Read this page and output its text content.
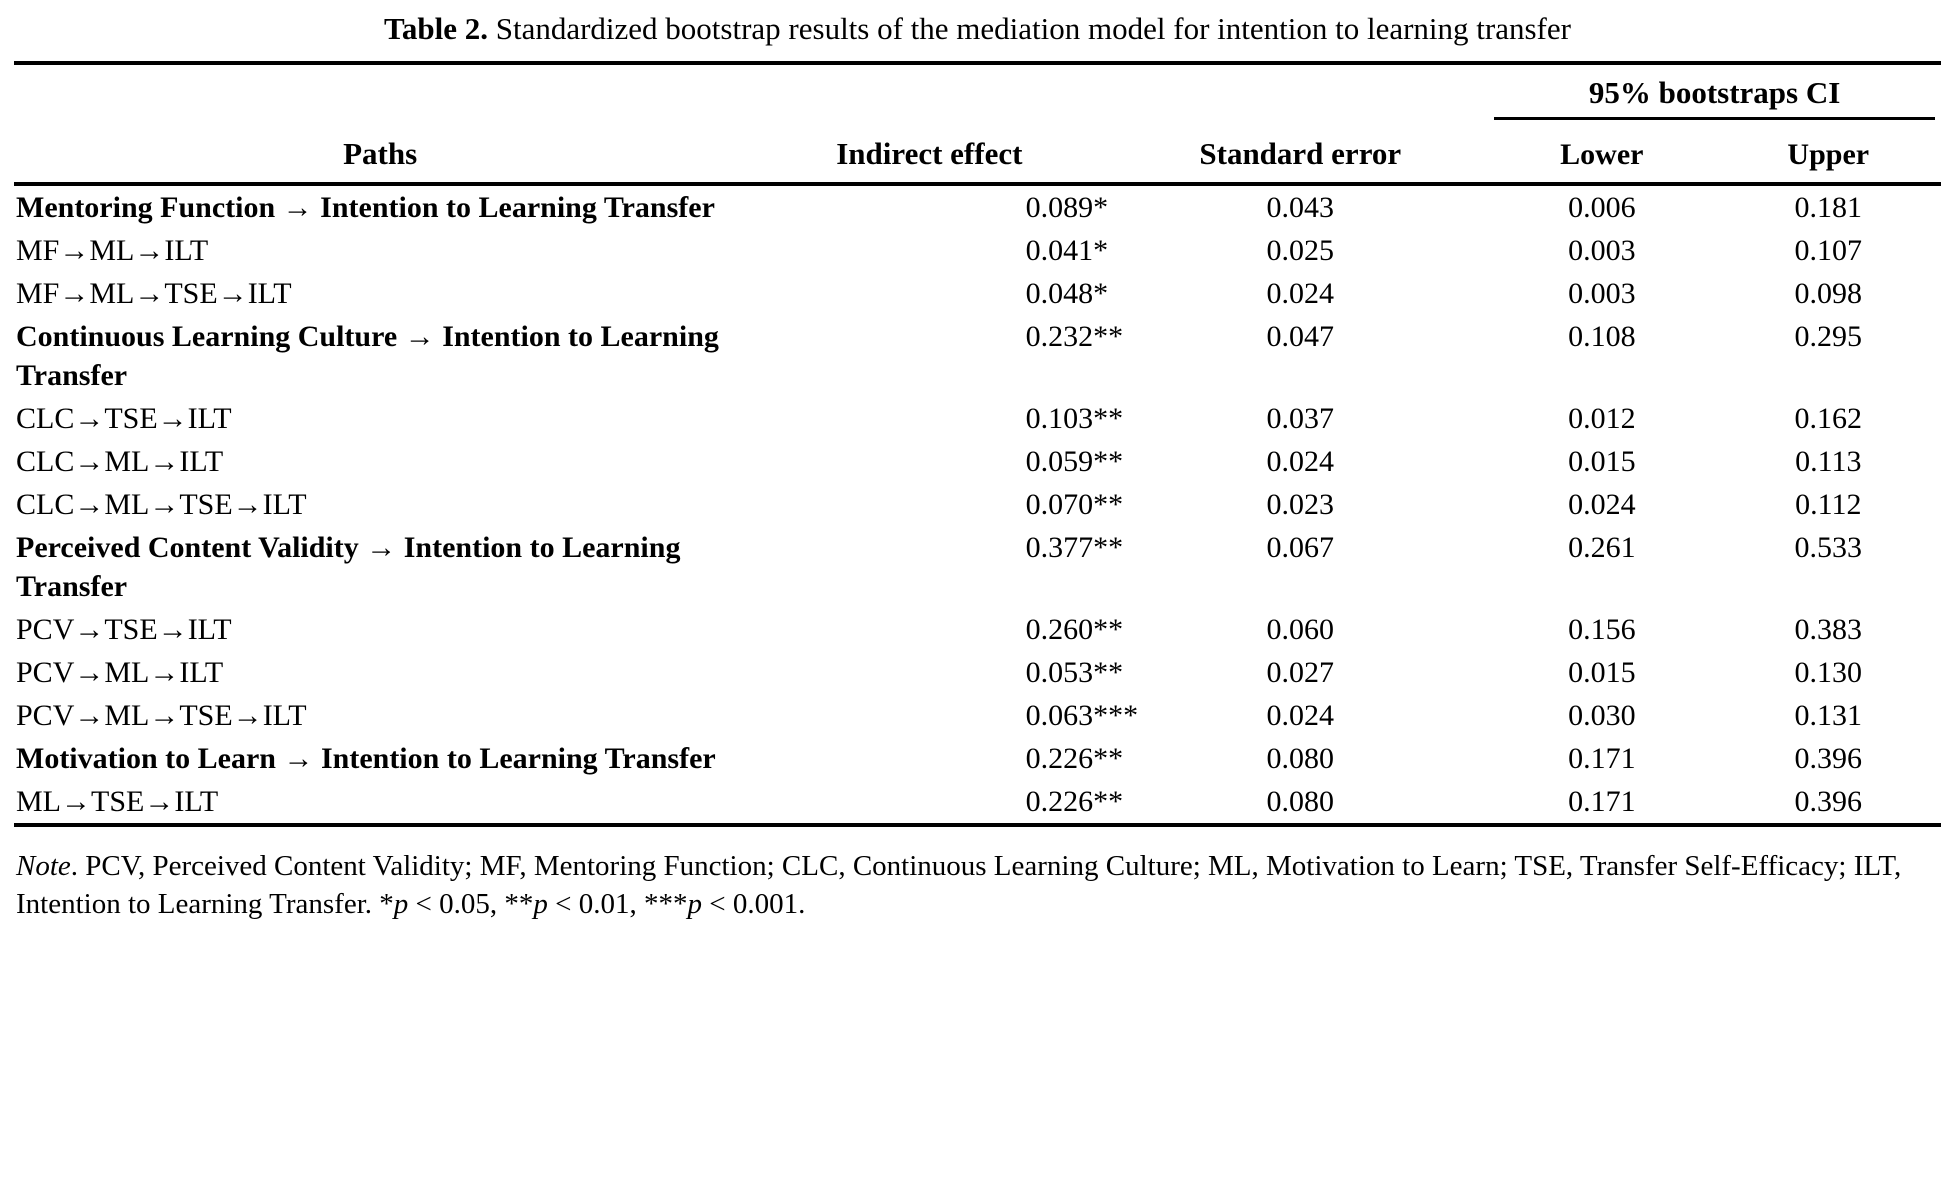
Table 2. Standardized bootstrap results of the mediation model for intention to learning transfer

Paths	Indirect effect	Standard error	95% bootstraps CI	

			Lower	Upper

Mentoring Function → Intention to Learning Transfer	0.089*	0.043	0.006	0.181
MF→ML→ILT	0.041*	0.025	0.003	0.107
MF→ML→TSE→ILT	0.048*	0.024	0.003	0.098
Continuous Learning Culture → Intention to Learning Transfer	0.232**	0.047	0.108	0.295
CLC→TSE→ILT	0.103**	0.037	0.012	0.162
CLC→ML→ILT	0.059**	0.024	0.015	0.113
CLC→ML→TSE→ILT	0.070**	0.023	0.024	0.112
Perceived Content Validity → Intention to Learning Transfer	0.377**	0.067	0.261	0.533
PCV→TSE→ILT	0.260**	0.060	0.156	0.383
PCV→ML→ILT	0.053**	0.027	0.015	0.130
PCV→ML→TSE→ILT	0.063***	0.024	0.030	0.131
Motivation to Learn → Intention to Learning Transfer	0.226**	0.080	0.171	0.396
ML→TSE→ILT	0.226**	0.080	0.171	0.396

Note. PCV, Perceived Content Validity; MF, Mentoring Function; CLC, Continuous Learning Culture; ML, Motivation to Learn; TSE, Transfer Self-Efficacy; ILT, Intention to Learning Transfer. *p < 0.05, **p < 0.01, ***p < 0.001.
